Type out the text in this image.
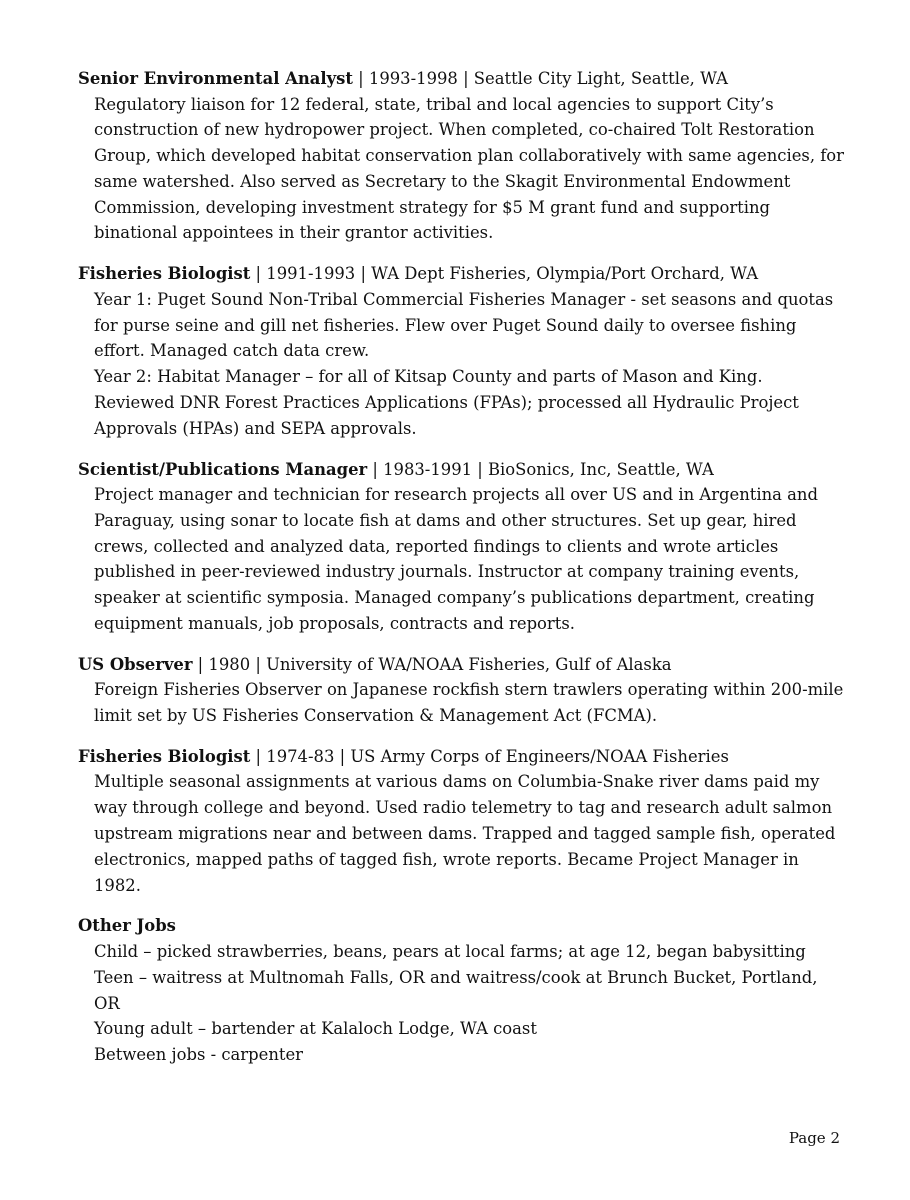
Senior Environmental Analyst | 1993-1998 | Seattle City Light, Seattle, WA

Regulatory liaison for 12 federal, state, tribal and local agencies to support City’s construction of new hydropower project. When completed, co-chaired Tolt Restoration Group, which developed habitat conservation plan collaboratively with same agencies, for same watershed. Also served as Secretary to the Skagit Environmental Endowment Commission, developing investment strategy for $5 M grant fund and supporting binational appointees in their grantor activities.

Fisheries Biologist | 1991-1993 | WA Dept Fisheries, Olympia/Port Orchard, WA

Year 1: Puget Sound Non-Tribal Commercial Fisheries Manager - set seasons and quotas for purse seine and gill net fisheries. Flew over Puget Sound daily to oversee fishing effort. Managed catch data crew.

Year 2: Habitat Manager – for all of Kitsap County and parts of Mason and King. Reviewed DNR Forest Practices Applications (FPAs); processed all Hydraulic Project Approvals (HPAs) and SEPA approvals.

Scientist/Publications Manager | 1983-1991 | BioSonics, Inc, Seattle, WA

Project manager and technician for research projects all over US and in Argentina and Paraguay, using sonar to locate fish at dams and other structures. Set up gear, hired crews, collected and analyzed data, reported findings to clients and wrote articles published in peer-reviewed industry journals. Instructor at company training events, speaker at scientific symposia. Managed company’s publications department, creating equipment manuals, job proposals, contracts and reports.

US Observer | 1980 | University of WA/NOAA Fisheries, Gulf of Alaska

Foreign Fisheries Observer on Japanese rockfish stern trawlers operating within 200-mile limit set by US Fisheries Conservation & Management Act (FCMA).

Fisheries Biologist | 1974-83 | US Army Corps of Engineers/NOAA Fisheries

Multiple seasonal assignments at various dams on Columbia-Snake river dams paid my way through college and beyond. Used radio telemetry to tag and research adult salmon upstream migrations near and between dams. Trapped and tagged sample fish, operated electronics, mapped paths of tagged fish, wrote reports. Became Project Manager in 1982.

Other Jobs

Child – picked strawberries, beans, pears at local farms; at age 12, began babysitting

Teen – waitress at Multnomah Falls, OR and waitress/cook at Brunch Bucket, Portland, OR

Young adult – bartender at Kalaloch Lodge, WA coast

Between jobs - carpenter

Page 2
